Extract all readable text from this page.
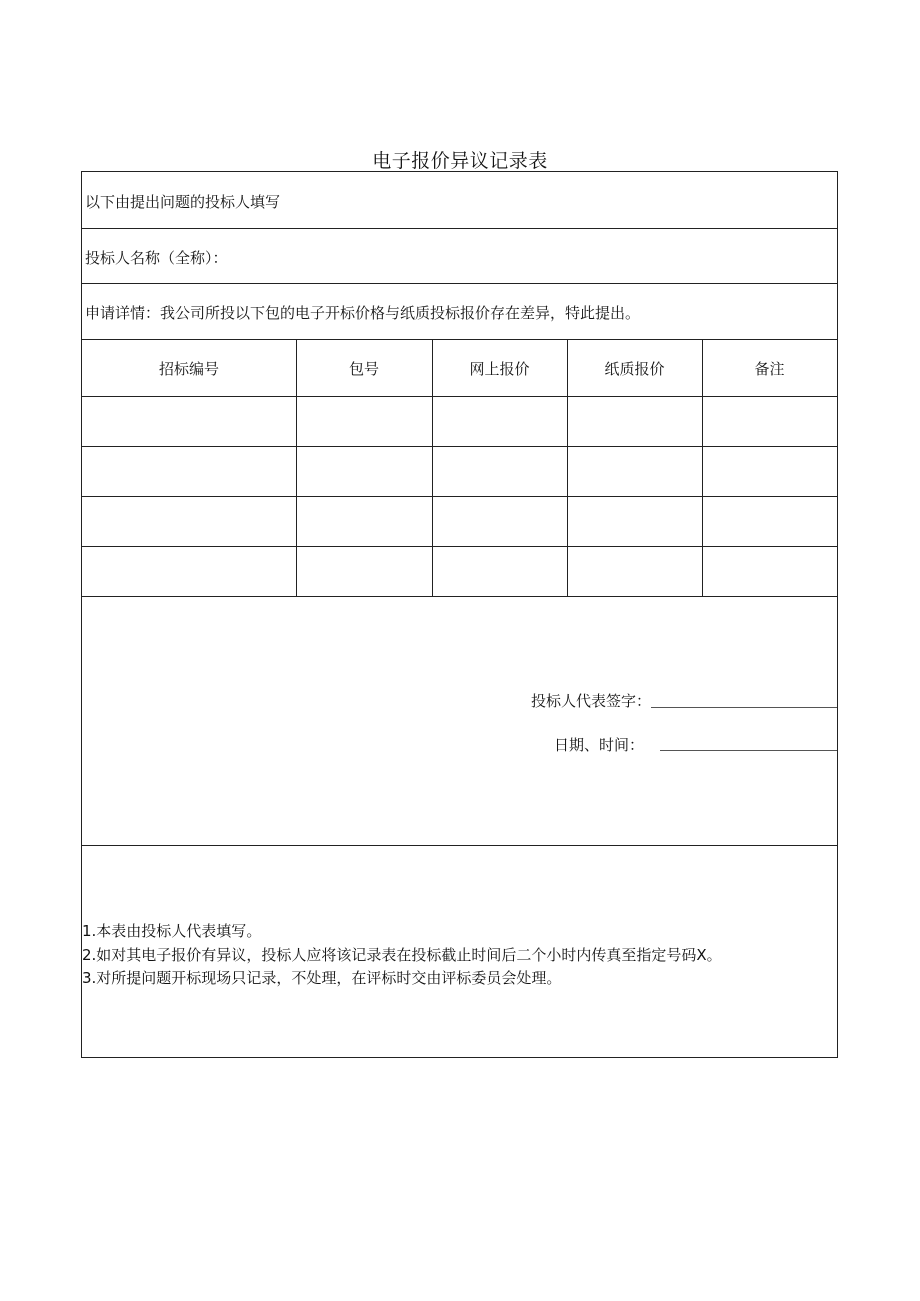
电子报价异议记录表
以下由提出问题的投标人填写
投标人名称（全称）：
申请详情：我公司所投以下包的电子开标价格与纸质投标报价存在差异，特此提出。
招标编号	包号	网上报价	纸质报价	备注
投标人代表签字：
日期、时间：
1.本表由投标人代表填写。
2.如对其电子报价有异议，投标人应将该记录表在投标截止时间后二个小时内传真至指定号码X。
3.对所提问题开标现场只记录，不处理，在评标时交由评标委员会处理。
